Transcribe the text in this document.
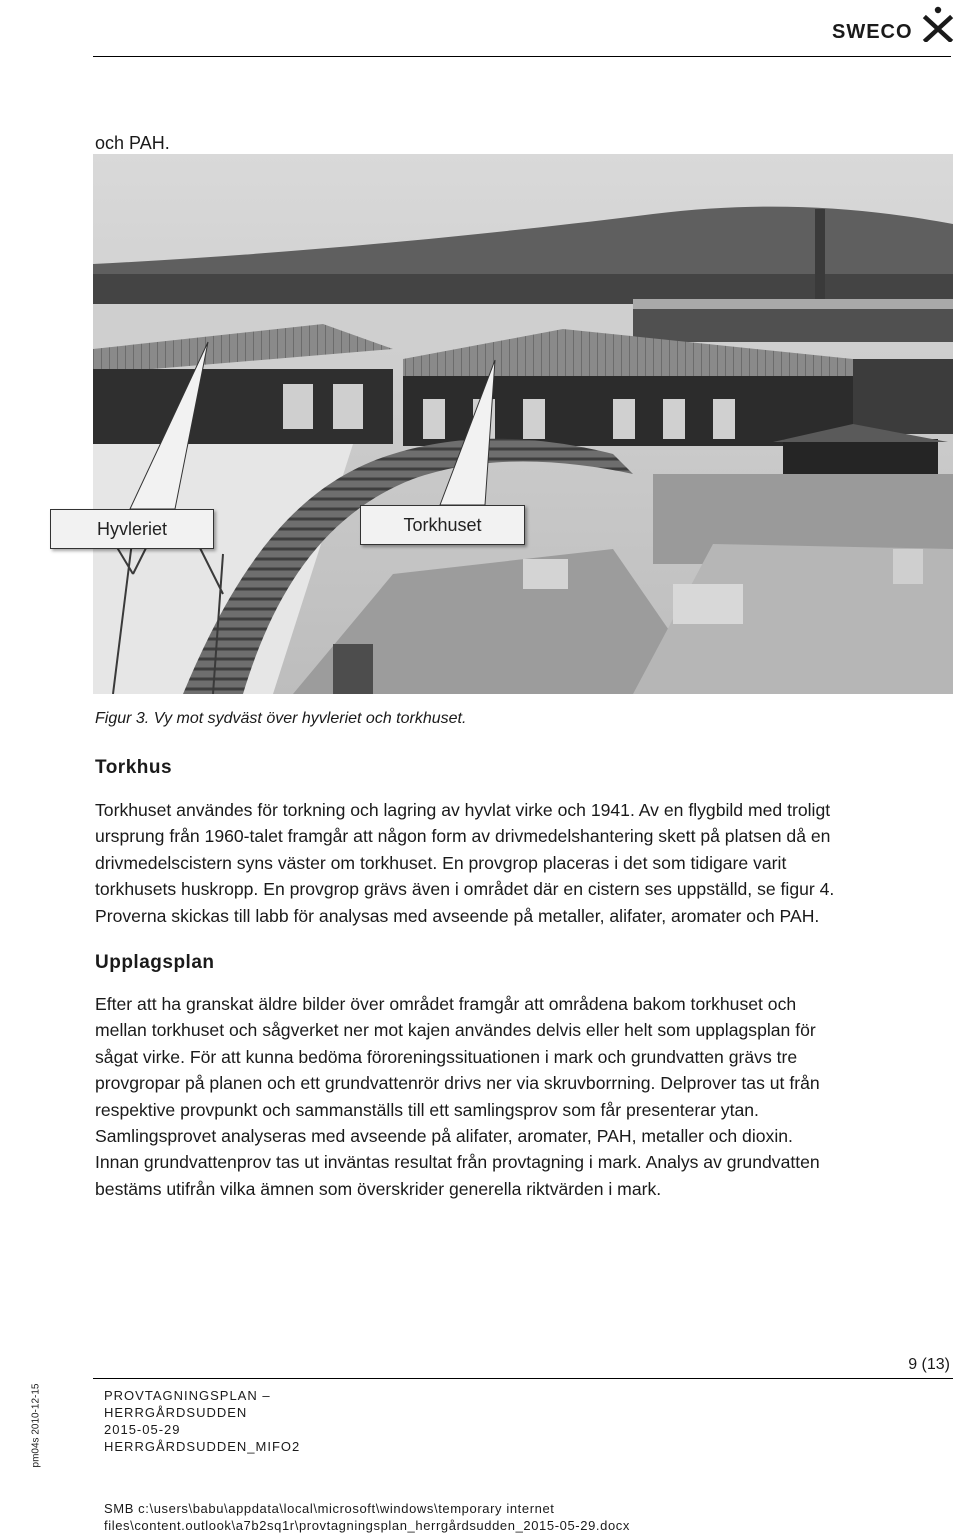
SWECO
och PAH.
Hyvleriet	Torkhuset
Figur 3. Vy mot sydväst över hyvleriet och torkhuset.
Torkhus

Torkhuset användes för torkning och lagring av hyvlat virke och 1941. Av en flygbild med troligt

ursprung från 1960-talet framgår att någon form av drivmedelshantering skett på platsen då en

drivmedelscistern syns väster om torkhuset. En provgrop placeras i det som tidigare varit

torkhusets huskropp. En provgrop grävs även i området där en cistern ses uppställd, se figur 4.

Proverna skickas till labb för analysas med avseende på metaller, alifater, aromater och PAH.

Upplagsplan

Efter att ha granskat äldre bilder över området framgår att områdena bakom torkhuset och

mellan torkhuset och sågverket ner mot kajen användes delvis eller helt som upplagsplan för

sågat virke. För att kunna bedöma föroreningssituationen i mark och grundvatten grävs tre

provgropar på planen och ett grundvattenrör drivs ner via skruvborrning. Delprover tas ut från

respektive provpunkt och sammanställs till ett samlingsprov som får presenterar ytan.

Samlingsprovet analyseras med avseende på alifater, aromater, PAH, metaller och dioxin.

Innan grundvattenprov tas ut inväntas resultat från provtagning i mark. Analys av grundvatten

bestäms utifrån vilka ämnen som överskrider generella riktvärden i mark.

9 (13)
PROVTAGNINGSPLAN –
HERRGÅRDSUDDEN
2015-05-29
HERRGÅRDSUDDEN_MIFO2
pm04s 2010-12-15
SMB c:\users\babu\appdata\local\microsoft\windows\temporary internet
files\content.outlook\a7b2sq1r\provtagningsplan_herrgårdsudden_2015-05-29.docx
